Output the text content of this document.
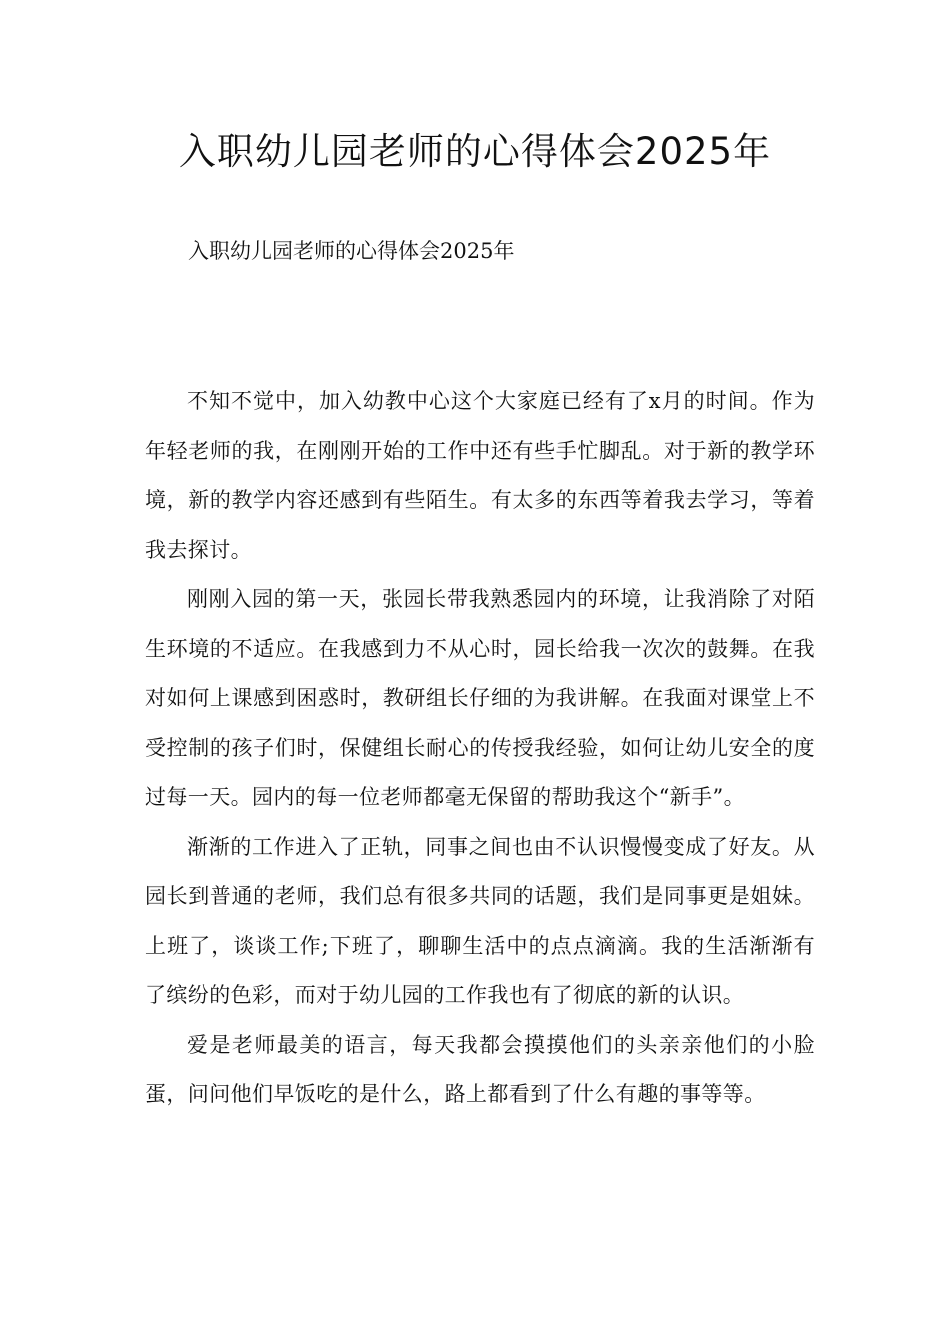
入职幼儿园老师的心得体会2025年

入职幼儿园老师的心得体会2025年

不知不觉中，加入幼教中心这个大家庭已经有了x月的时间。作为年轻老师的我，在刚刚开始的工作中还有些手忙脚乱。对于新的教学环境，新的教学内容还感到有些陌生。有太多的东西等着我去学习，等着我去探讨。

刚刚入园的第一天，张园长带我熟悉园内的环境，让我消除了对陌生环境的不适应。在我感到力不从心时，园长给我一次次的鼓舞。在我对如何上课感到困惑时，教研组长仔细的为我讲解。在我面对课堂上不受控制的孩子们时，保健组长耐心的传授我经验，如何让幼儿安全的度过每一天。园内的每一位老师都毫无保留的帮助我这个“新手”。

渐渐的工作进入了正轨，同事之间也由不认识慢慢变成了好友。从园长到普通的老师，我们总有很多共同的话题，我们是同事更是姐妹。上班了，谈谈工作;下班了，聊聊生活中的点点滴滴。我的生活渐渐有了缤纷的色彩，而对于幼儿园的工作我也有了彻底的新的认识。

爱是老师最美的语言，每天我都会摸摸他们的头亲亲他们的小脸蛋，问问他们早饭吃的是什么，路上都看到了什么有趣的事等等。
